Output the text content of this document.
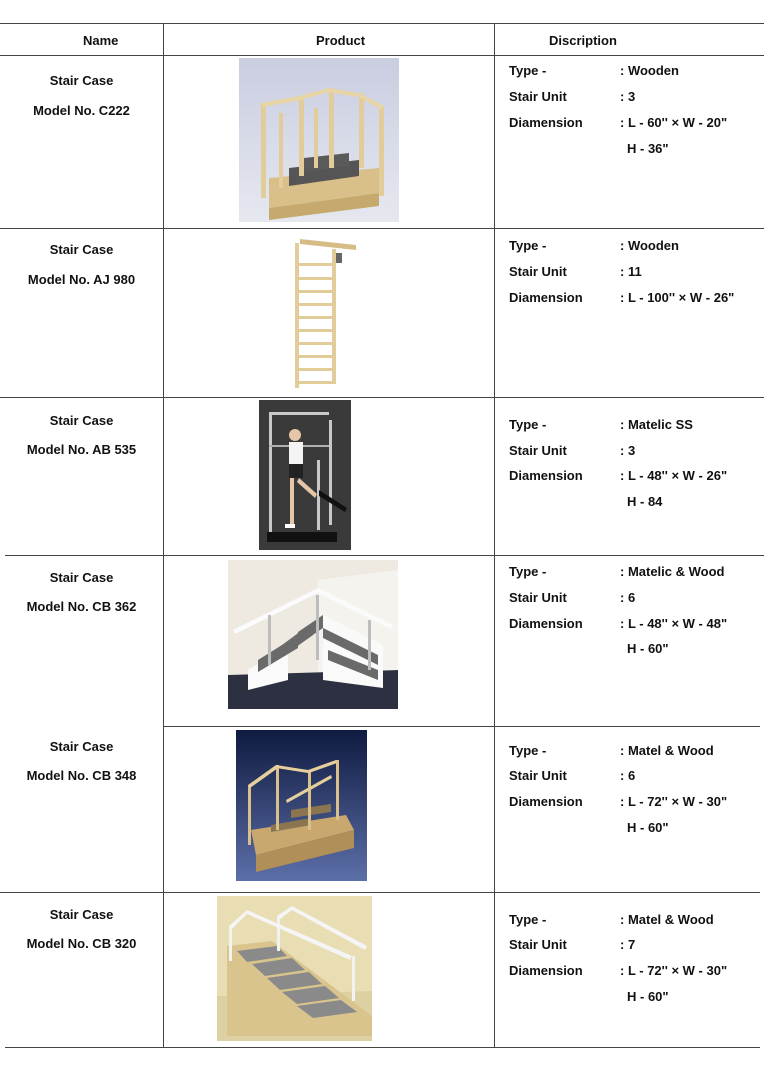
Name	Product	Discription
Stair Case
Model No. C222
Type -	: Wooden
Stair Unit	: 3
Diamension	: L - 60'' × W - 20"
H - 36"
Stair Case
Model No. AJ 980
Type -	: Wooden
Stair Unit	: 11
Diamension	: L - 100'' × W - 26"
Stair Case
Model No. AB 535
Type -	: Matelic SS
Stair Unit	: 3
Diamension	: L - 48'' × W - 26"
H - 84
Stair Case
Model No. CB 362
Type -	: Matelic & Wood
Stair Unit	: 6
Diamension	: L - 48'' × W - 48"
H - 60"
Stair Case
Model No. CB 348
Type -	: Matel & Wood
Stair Unit	: 6
Diamension	: L - 72'' × W - 30"
H - 60"
Stair Case
Model No. CB 320
Type -	: Matel & Wood
Stair Unit	: 7
Diamension	: L - 72'' × W - 30"
H - 60"
